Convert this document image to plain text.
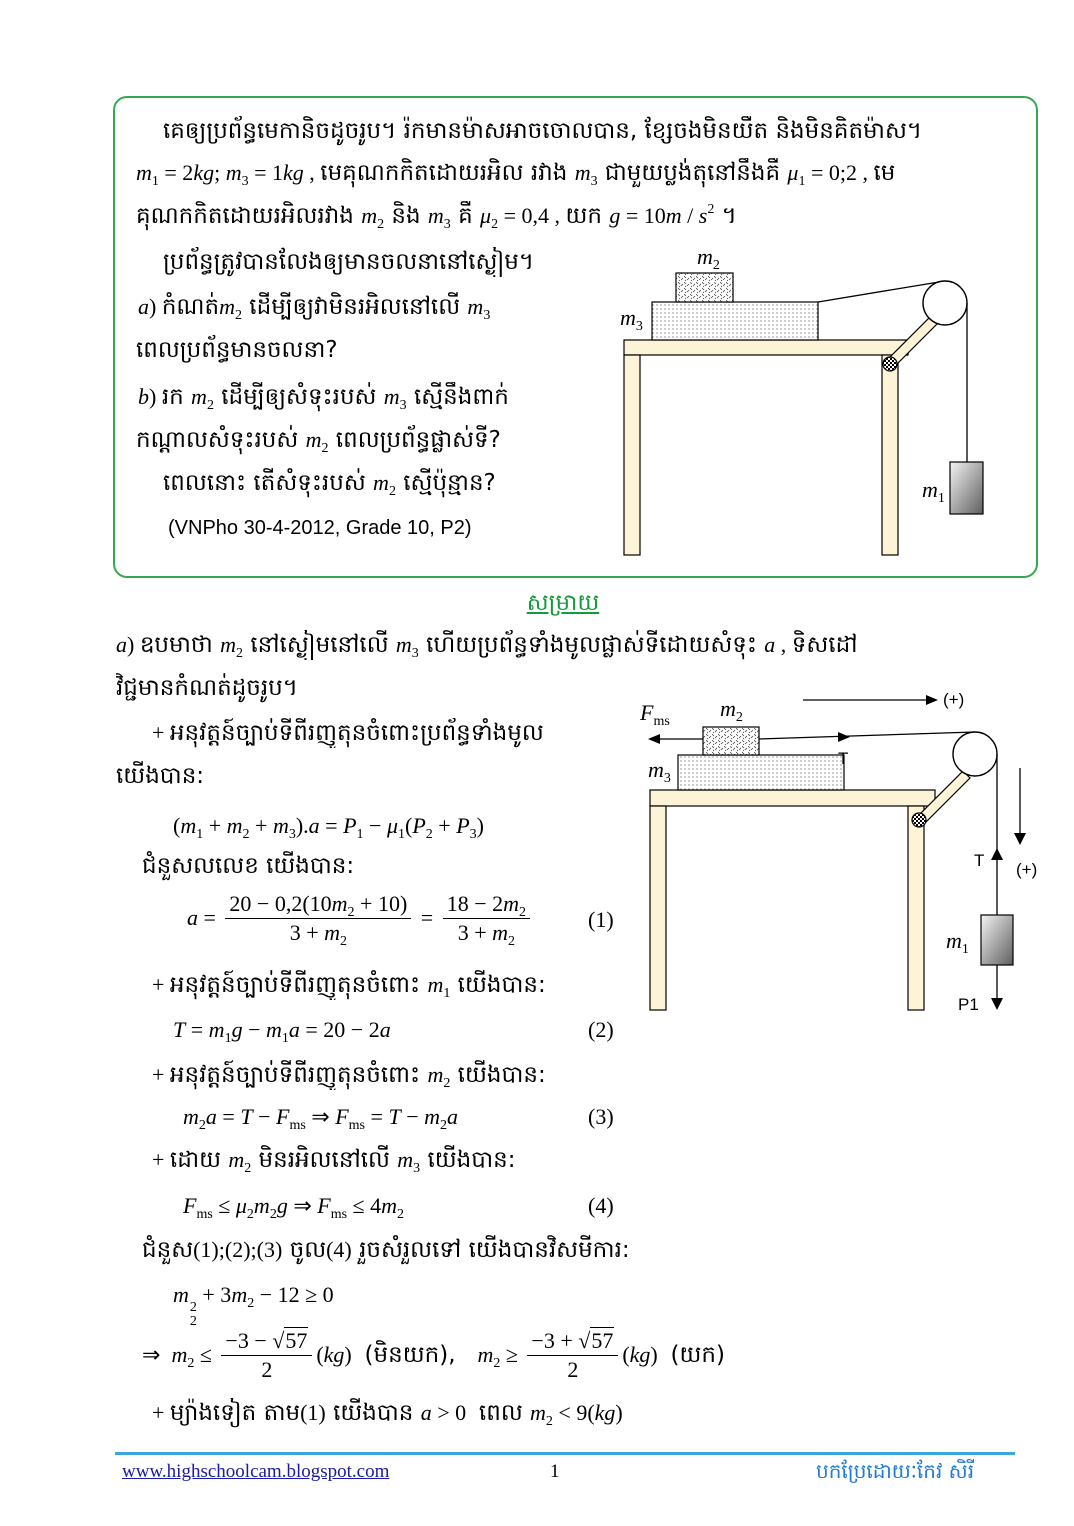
គេឲ្យប្រព័ន្ធមេកានិចដូចរូប។ រ៉កមានម៉ាសអាចចោលបាន, ខ្សែចងមិនយឺត និងមិនគិតម៉ាស។
$m_1 = 2kg$; $m_3 = 1kg$ , មេគុណកកិតដោយរអិល រវាង $m_3$ ជាមួយប្លង់តុនៅនឹងគឺ $\mu_1$ = 0;2 , មេ
គុណកកិតដោយរអិលរវាង $m_2$ និង $m_3$ គឺ $\mu_2 = 0,4$ , យក $g = 10m / s^2$ ។
ប្រព័ន្ធត្រូវបានលែងឲ្យមានចលនានៅស្ងៀម។
a) កំណត់$m_2$ ដើម្បីឲ្យវាមិនរអិលនៅលើ $m_3$
ពេលប្រព័ន្ធមានចលនា?
b) រក $m_2$ ដើម្បីឲ្យសំទុះរបស់ $m_3$ ស្មើនឹងពាក់
កណ្ដាលសំទុះរបស់ $m_2$ ពេលប្រព័ន្ធផ្លាស់ទី?
ពេលនោះ តើសំទុះរបស់ $m_2$ ស្មើប៉ុន្មាន?
(VNPho 30-4-2012, Grade 10, P2)
$m_2$
$m_3$
$m_1$
សម្រាយ
a) ឧបមាថា $m_2$ នៅស្ងៀមនៅលើ $m_3$ ហើយប្រព័ន្ធទាំងមូលផ្លាស់ទីដោយសំទុះ a , ទិសដៅ
វិជ្ជមានកំណត់ដូចរូប។
+ អនុវត្តន៍ច្បាប់ទីពីរញូតុនចំពោះប្រព័ន្ធទាំងមូល
យើងបាន:
$(m_1 + m_2 + m_3).a = P_1 - \mu_1(P_2 + P_3)$
ជំនួសលលេខ យើងបាន:
$a = \frac{20 - 0,2(10m_2 + 10)}{3 + m_2} = \frac{18 - 2m_2}{3 + m_2}$	(1)
+ អនុវត្តន៍ច្បាប់ទីពីរញូតុនចំពោះ $m_1$ យើងបាន:
$T = m_1g - m_1a = 20 - 2a$	(2)
+ អនុវត្តន៍ច្បាប់ទីពីរញូតុនចំពោះ $m_2$ យើងបាន:
$m_2a = T - F_{ms}$ ⇒ $F_{ms} = T - m_2a$	(3)
+ ដោយ $m_2$ មិនរអិលនៅលើ $m_3$ យើងបាន:
$F_{ms} \le \mu_2m_2g$ ⇒ $F_{ms} \le 4m_2$	(4)
ជំនួស(1);(2);(3) ចូល(4) រួចសំរួលទៅ យើងបានវិសមីការ:
m
2
2
+ $3m_2 - 12 \ge 0$
⇒  $m_2 \le \frac{-3 - √57}{2} (kg)$  (មិនយក),   $m_2 \ge \frac{-3 + √57}{2} (kg)$  (យក)
+ ម្យ៉ាងទៀត តាម(1) យើងបាន a > 0  ពេល $m_2 < 9(kg)$
$F_{ms}$
$m_2$
(+)
T
$m_3$
T (+)
$m_1$
P1
www.highschoolcam.blogspot.com	1	បកប្រែដោយៈកែវ សិរី
